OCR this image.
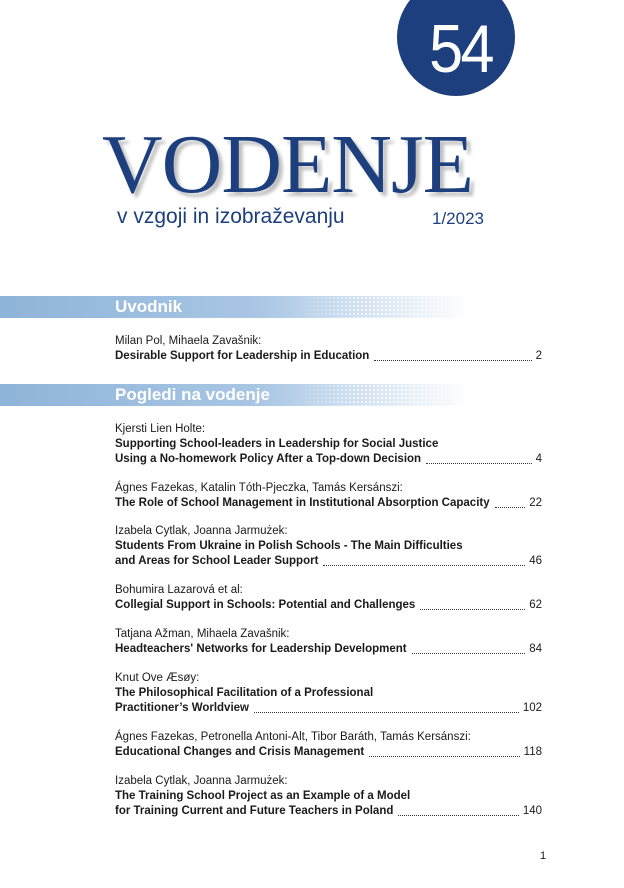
54
VODENJE
v vzgoji in izobraževanju	1/2023
Uvodnik
Milan Pol, Mihaela Zavašnik:
Desirable Support for Leadership in Education	2
Pogledi na vodenje
Kjersti Lien Holte:
Supporting School-leaders in Leadership for Social Justice
Using a No-homework Policy After a Top-down Decision	4
Ágnes Fazekas, Katalin Tóth-Pjeczka, Tamás Kersánszi:
The Role of School Management in Institutional Absorption Capacity	22
Izabela Cytlak, Joanna Jarmużek:
Students From Ukraine in Polish Schools - The Main Difficulties
and Areas for School Leader Support	46
Bohumira Lazarová et al:
Collegial Support in Schools: Potential and Challenges	62
Tatjana Ažman, Mihaela Zavašnik:
Headteachers' Networks for Leadership Development	84
Knut Ove Æsøy:
The Philosophical Facilitation of a Professional
Practitioner’s Worldview	102
Ágnes Fazekas, Petronella Antoni-Alt, Tibor Baráth, Tamás Kersánszi:
Educational Changes and Crisis Management	118
Izabela Cytlak, Joanna Jarmużek:
The Training School Project as an Example of a Model
for Training Current and Future Teachers in Poland	140
1
